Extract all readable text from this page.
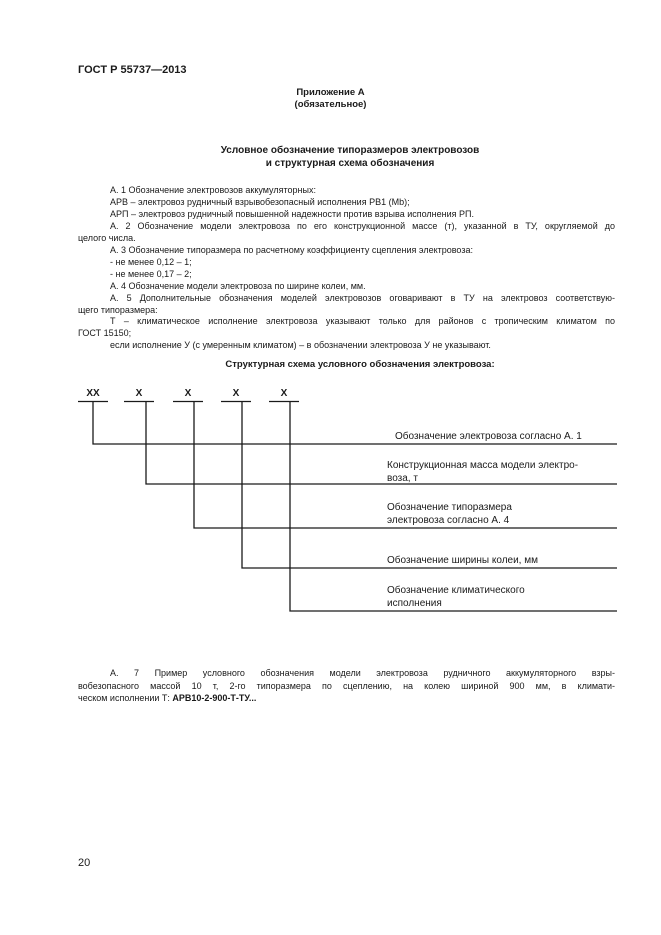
ГОСТ Р 55737—2013
Приложение А
(обязательное)
Условное обозначение типоразмеров электровозов
и структурная схема обозначения
А. 1 Обозначение электровозов аккумуляторных:
АРВ – электровоз рудничный взрывобезопасный исполнения РВ1 (Мb);
АРП – электровоз рудничный повышенной надежности против взрыва исполнения РП.
А. 2 Обозначение модели электровоза по его конструкционной массе (т), указанной в ТУ, округляемой до
целого числа.
А. 3 Обозначение типоразмера по расчетному коэффициенту сцепления электровоза:
- не менее 0,12 – 1;
- не менее 0,17 – 2;
А. 4 Обозначение модели электровоза по ширине колеи, мм.
А. 5 Дополнительные обозначения моделей электровозов оговаривают в ТУ на электровоз соответствую-
щего типоразмера:
Т – климатическое исполнение электровоза указывают только для районов с тропическим климатом по
ГОСТ 15150;
если исполнение У (с умеренным климатом) – в обозначении электровоза У не указывают.
Структурная схема условного обозначения электровоза:
XX	X	X	X	X
Обозначение электровоза согласно А. 1
Конструкционная масса модели электро-
воза, т
Обозначение типоразмера
электровоза согласно А. 4
Обозначение ширины колеи, мм
Обозначение климатического
исполнения
А. 7 Пример условного обозначения модели электровоза рудничного аккумуляторного взры-
вобезопасного массой 10 т, 2-го типоразмера по сцеплению, на колею шириной 900 мм, в климати-
ческом исполнении Т: АРВ10-2-900-Т-ТУ...
20
